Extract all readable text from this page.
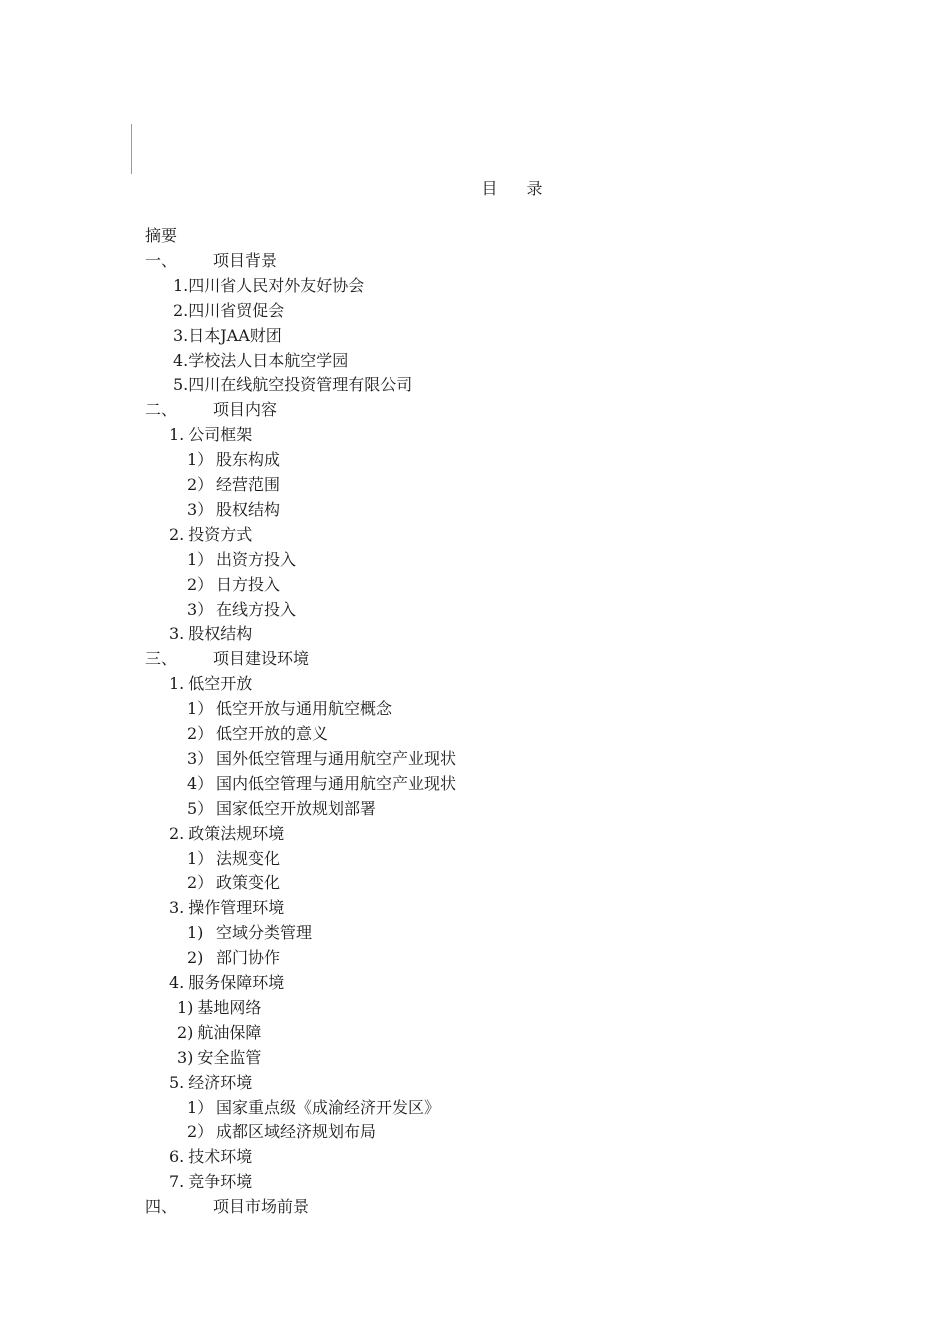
目 录
摘要
一、 项目背景
1.四川省人民对外友好协会
2.四川省贸促会
3.日本JAA财团
4.学校法人日本航空学园
5.四川在线航空投资管理有限公司
二、 项目内容
1. 公司框架
1） 股东构成
2） 经营范围
3） 股权结构
2. 投资方式
1） 出资方投入
2） 日方投入
3） 在线方投入
3. 股权结构
三、 项目建设环境
1. 低空开放
1） 低空开放与通用航空概念
2） 低空开放的意义
3） 国外低空管理与通用航空产业现状
4） 国内低空管理与通用航空产业现状
5） 国家低空开放规划部署
2. 政策法规环境
1） 法规变化
2） 政策变化
3. 操作管理环境
1) 空域分类管理
2) 部门协作
4. 服务保障环境
1) 基地网络
2) 航油保障
3) 安全监管
5. 经济环境
1） 国家重点级《成渝经济开发区》
2） 成都区域经济规划布局
6. 技术环境
7. 竞争环境
四、 项目市场前景
